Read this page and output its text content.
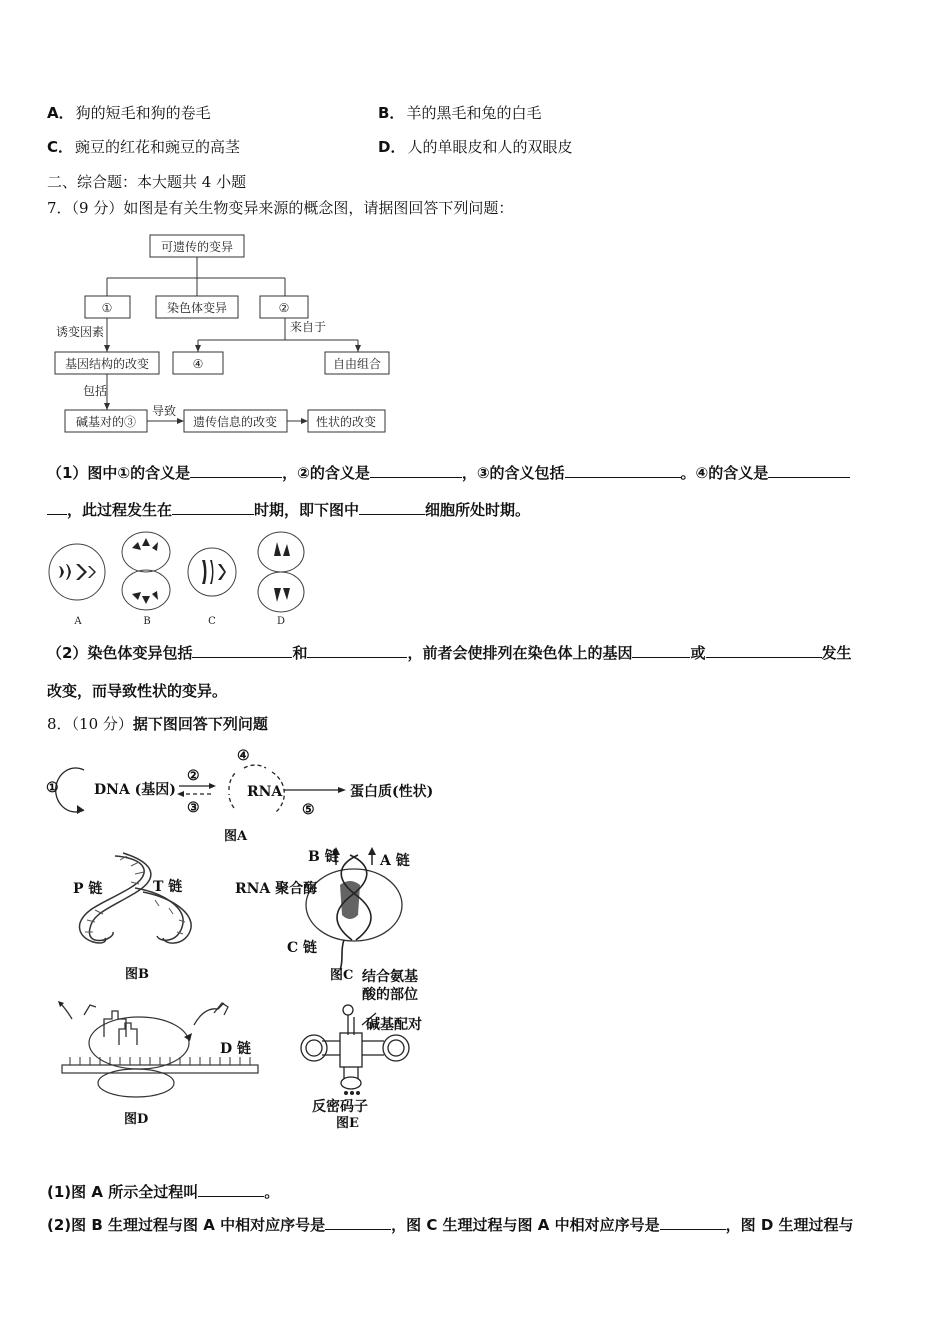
A． 狗的短毛和狗的卷毛	B． 羊的黑毛和兔的白毛
C． 豌豆的红花和豌豆的高茎	D． 人的单眼皮和人的双眼皮
二、综合题：本大题共 4 小题
7．（9 分）如图是有关生物变异来源的概念图，请据图回答下列问题：
可遗传的变异
①	染色体变异	②
诱变因素	来自于
基因结构的改变	④	自由组合
包括
碱基对的③
导致
遗传信息的改变	性状的改变
（1）图中①的含义是	，②的含义是	，③的含义包括	。④的含义是
，此过程发生在	时期，即下图中	细胞所处时期。
A	B	C	D
（2）染色体变异包括	和	，前者会使排列在染色体上的基因	或	发生
改变，而导致性状的变异。
8．（10 分）据下图回答下列问题
①	DNA (基因)
②
③
④
RNA
⑤
蛋白质(性状)
图A
P 链	T 链
图B
B 链	A 链
RNA 聚合酶
C 链
图C
D 链
图D
结合氨基
酸的部位
碱基配对
反密码子
图E
(1)图 A 所示全过程叫	。
(2)图 B 生理过程与图 A 中相对应序号是	，图 C 生理过程与图 A 中相对应序号是	，图 D 生理过程与
